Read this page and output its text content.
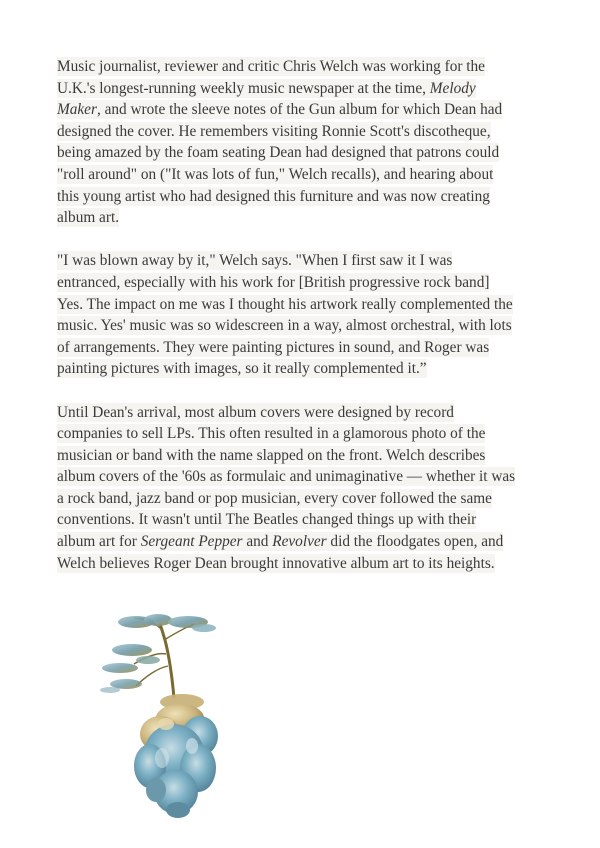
Music journalist, reviewer and critic Chris Welch was working for the
U.K.'s longest-running weekly music newspaper at the time, Melody
Maker, and wrote the sleeve notes of the Gun album for which Dean had
designed the cover. He remembers visiting Ronnie Scott's discotheque,
being amazed by the foam seating Dean had designed that patrons could
"roll around" on ("It was lots of fun," Welch recalls), and hearing about
this young artist who had designed this furniture and was now creating
album art.

"I was blown away by it," Welch says. "When I first saw it I was
entranced, especially with his work for [British progressive rock band]
Yes. The impact on me was I thought his artwork really complemented the
music. Yes' music was so widescreen in a way, almost orchestral, with lots
of arrangements. They were painting pictures in sound, and Roger was
painting pictures with images, so it really complemented it.”

Until Dean's arrival, most album covers were designed by record
companies to sell LPs. This often resulted in a glamorous photo of the
musician or band with the name slapped on the front. Welch describes
album covers of the '60s as formulaic and unimaginative — whether it was
a rock band, jazz band or pop musician, every cover followed the same
conventions. It wasn't until The Beatles changed things up with their
album art for Sergeant Pepper and Revolver did the floodgates open, and
Welch believes Roger Dean brought innovative album art to its heights.
